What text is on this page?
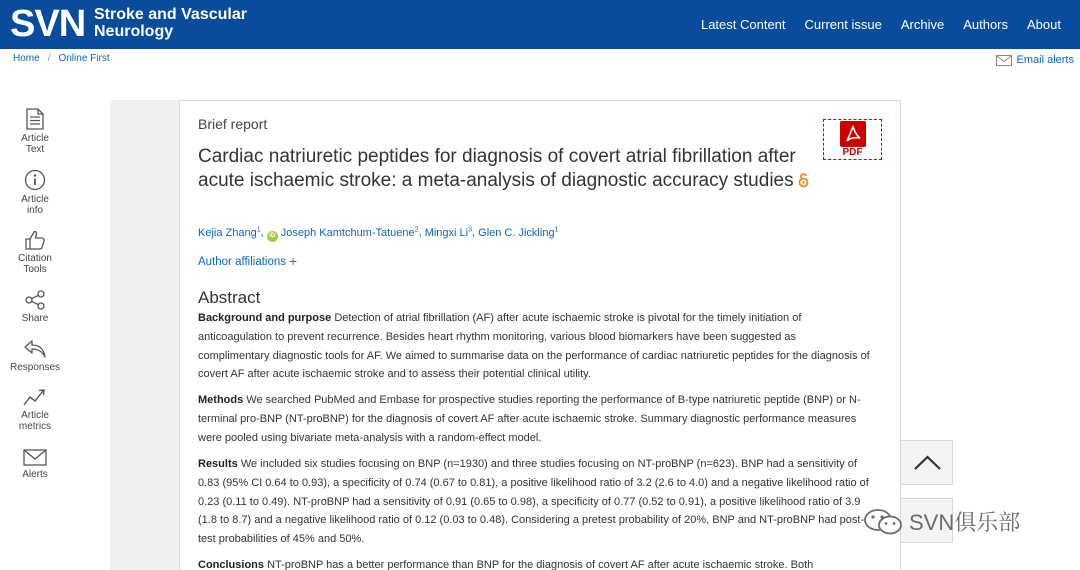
SVN Stroke and Vascular
Neurology	Latest Content Current issue Archive Authors About
Home / Online First	Email alerts
Article
Text
Article
info
Citation
Tools
Share
Responses
Article
metrics
Alerts
Brief report
Cardiac natriuretic peptides for diagnosis of covert atrial fibrillation after acute ischaemic stroke: a meta-analysis of diagnostic accuracy studies
Kejia Zhang$^1$, iD Joseph Kamtchum-Tatuene$^2$, Mingxi Li$^3$, Glen C. Jickling$^1$
Author affiliations +
PDF
Abstract
Background and purpose Detection of atrial fibrillation (AF) after acute ischaemic stroke is pivotal for the timely initiation of anticoagulation to prevent recurrence. Besides heart rhythm monitoring, various blood biomarkers have been suggested as complimentary diagnostic tools for AF. We aimed to summarise data on the performance of cardiac natriuretic peptides for the diagnosis of covert AF after acute ischaemic stroke and to assess their potential clinical utility.
Methods We searched PubMed and Embase for prospective studies reporting the performance of B-type natriuretic peptide (BNP) or N-terminal pro-BNP (NT-proBNP) for the diagnosis of covert AF after acute ischaemic stroke. Summary diagnostic performance measures were pooled using bivariate meta-analysis with a random-effect model.
Results We included six studies focusing on BNP (n=1930) and three studies focusing on NT-proBNP (n=623). BNP had a sensitivity of 0.83 (95% CI 0.64 to 0.93), a specificity of 0.74 (0.67 to 0.81), a positive likelihood ratio of 3.2 (2.6 to 4.0) and a negative likelihood ratio of 0.23 (0.11 to 0.49). NT-proBNP had a sensitivity of 0.91 (0.65 to 0.98), a specificity of 0.77 (0.52 to 0.91), a positive likelihood ratio of 3.9 (1.8 to 8.7) and a negative likelihood ratio of 0.12 (0.03 to 0.48). Considering a pretest probability of 20%, BNP and NT-proBNP had post-test probabilities of 45% and 50%.
Conclusions NT-proBNP has a better performance than BNP for the diagnosis of covert AF after acute ischaemic stroke. Both
SVN俱乐部
